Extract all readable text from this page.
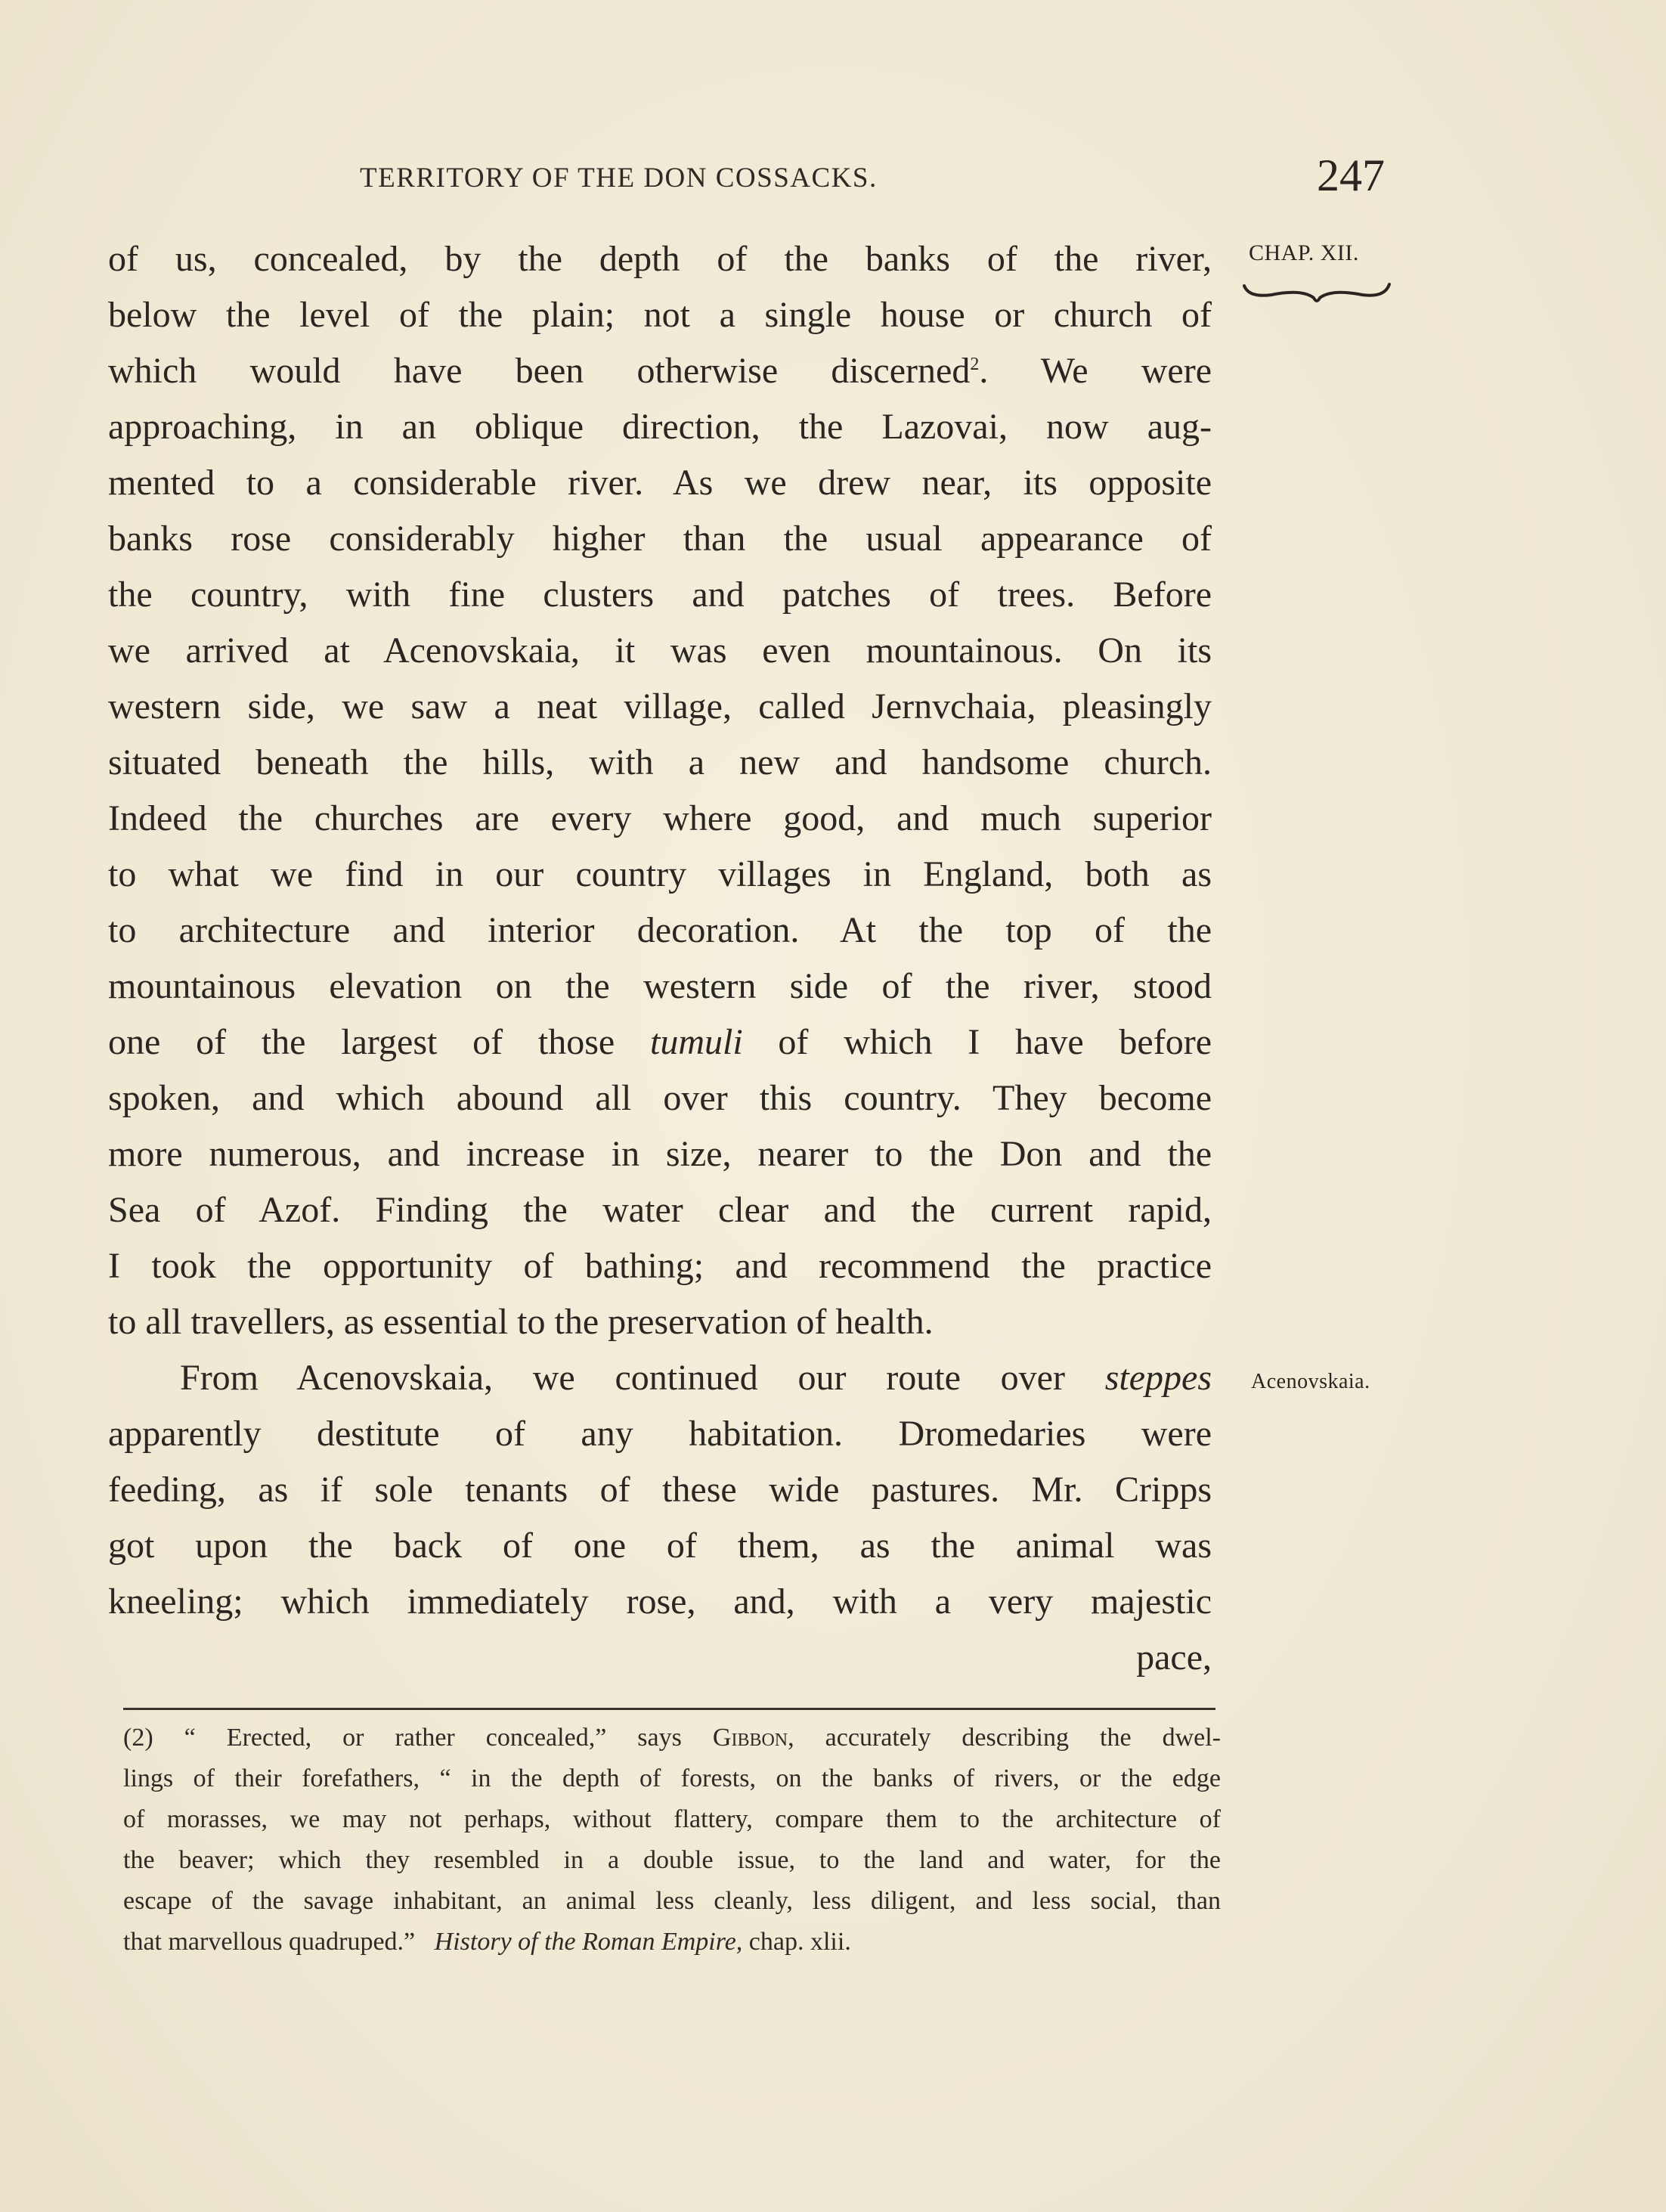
TERRITORY OF THE DON COSSACKS.	247
CHAP. XII.
of us, concealed, by the depth of the banks of the river,
below the level of the plain; not a single house or church of
which would have been otherwise discerned$^2$. We were
approaching, in an oblique direction, the Lazovai, now aug-
mented to a considerable river. As we drew near, its opposite
banks rose considerably higher than the usual appearance of
the country, with fine clusters and patches of trees. Before
we arrived at Acenovskaia, it was even mountainous. On its
western side, we saw a neat village, called Jernvchaia, pleasingly
situated beneath the hills, with a new and handsome church.
Indeed the churches are every where good, and much superior
to what we find in our country villages in England, both as
to architecture and interior decoration. At the top of the
mountainous elevation on the western side of the river, stood
one of the largest of those tumuli of which I have before
spoken, and which abound all over this country. They become
more numerous, and increase in size, nearer to the Don and the
Sea of Azof. Finding the water clear and the current rapid,
I took the opportunity of bathing; and recommend the practice
to all travellers, as essential to the preservation of health.
From Acenovskaia, we continued our route over steppes
apparently destitute of any habitation. Dromedaries were
feeding, as if sole tenants of these wide pastures. Mr. Cripps
got upon the back of one of them, as the animal was
kneeling; which immediately rose, and, with a very majestic
pace,
Acenovskaia.
(2) “ Erected, or rather concealed,” says Gibbon, accurately describing the dwel-
lings of their forefathers, “ in the depth of forests, on the banks of rivers, or the edge
of morasses, we may not perhaps, without flattery, compare them to the architecture of
the beaver; which they resembled in a double issue, to the land and water, for the
escape of the savage inhabitant, an animal less cleanly, less diligent, and less social, than
that marvellous quadruped.” History of the Roman Empire, chap. xlii.
